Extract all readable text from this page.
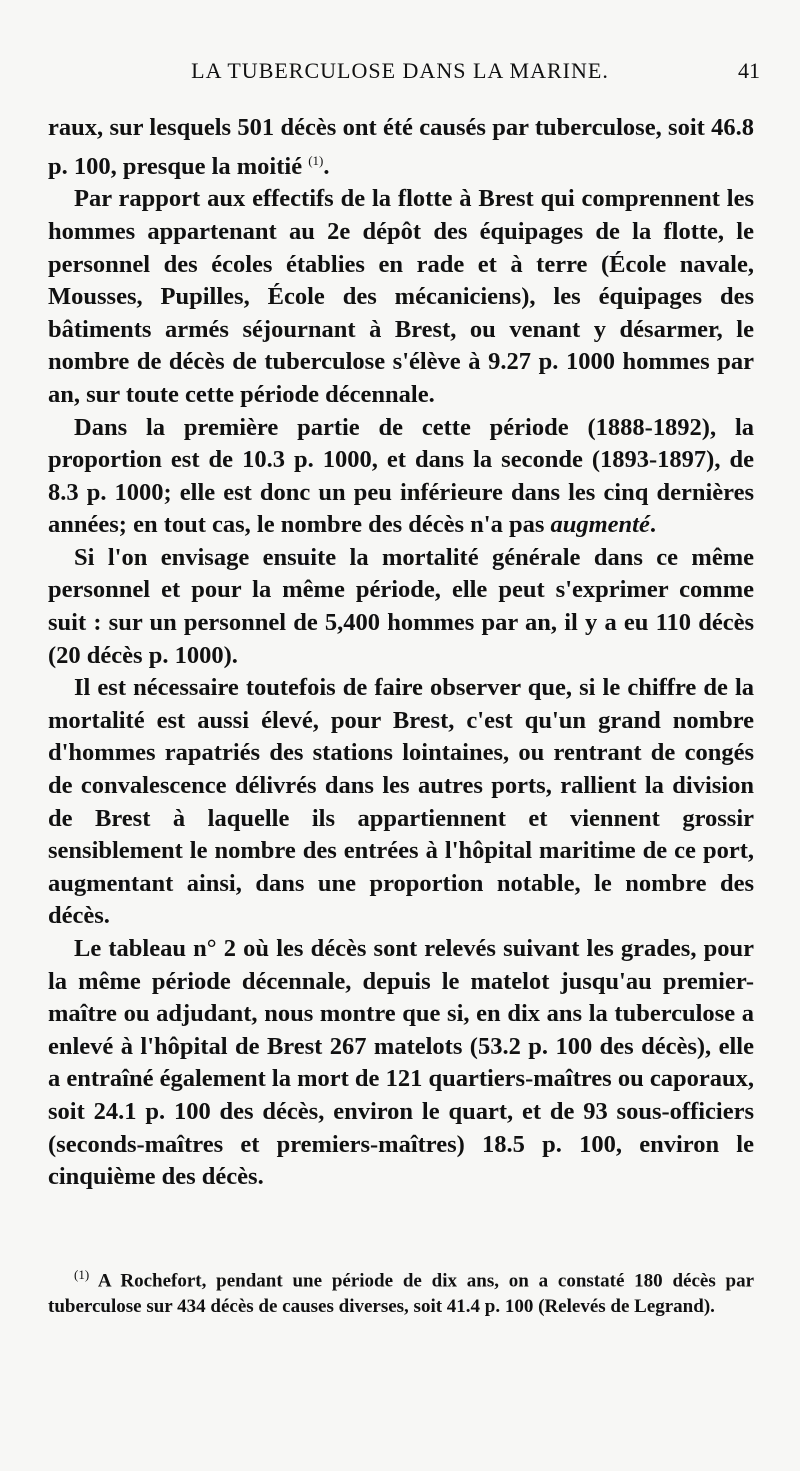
LA TUBERCULOSE DANS LA MARINE.	41

raux, sur lesquels 501 décès ont été causés par tuberculose, soit 46.8 p. 100, presque la moitié $^{(1)}$.

Par rapport aux effectifs de la flotte à Brest qui comprennent les hommes appartenant au 2e dépôt des équipages de la flotte, le personnel des écoles établies en rade et à terre (École navale, Mousses, Pupilles, École des mécaniciens), les équipages des bâtiments armés séjournant à Brest, ou venant y désarmer, le nombre de décès de tuberculose s'élève à 9.27 p. 1000 hommes par an, sur toute cette période décennale.

Dans la première partie de cette période (1888-1892), la proportion est de 10.3 p. 1000, et dans la seconde (1893-1897), de 8.3 p. 1000; elle est donc un peu inférieure dans les cinq dernières années; en tout cas, le nombre des décès n'a pas augmenté.

Si l'on envisage ensuite la mortalité générale dans ce même personnel et pour la même période, elle peut s'exprimer comme suit : sur un personnel de 5,400 hommes par an, il y a eu 110 décès (20 décès p. 1000).

Il est nécessaire toutefois de faire observer que, si le chiffre de la mortalité est aussi élevé, pour Brest, c'est qu'un grand nombre d'hommes rapatriés des stations lointaines, ou rentrant de congés de convalescence délivrés dans les autres ports, rallient la division de Brest à laquelle ils appartiennent et viennent grossir sensiblement le nombre des entrées à l'hôpital maritime de ce port, augmentant ainsi, dans une proportion notable, le nombre des décès.

Le tableau n° 2 où les décès sont relevés suivant les grades, pour la même période décennale, depuis le matelot jusqu'au premier-maître ou adjudant, nous montre que si, en dix ans la tuberculose a enlevé à l'hôpital de Brest 267 matelots (53.2 p. 100 des décès), elle a entraîné également la mort de 121 quartiers-maîtres ou caporaux, soit 24.1 p. 100 des décès, environ le quart, et de 93 sous-officiers (seconds-maîtres et premiers-maîtres) 18.5 p. 100, environ le cinquième des décès.

$^{(1)}$ A Rochefort, pendant une période de dix ans, on a constaté 180 décès par tuberculose sur 434 décès de causes diverses, soit 41.4 p. 100 (Relevés de Legrand).
